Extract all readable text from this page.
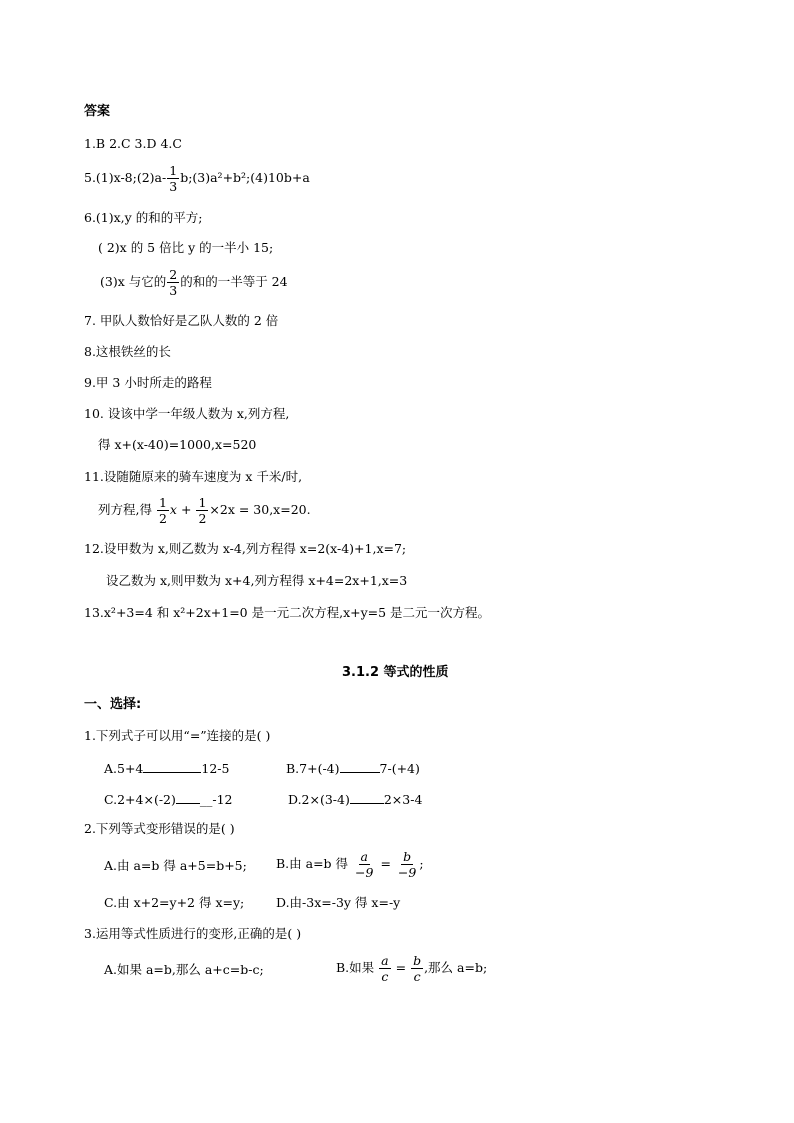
答案
1.B 2.C 3.D 4.C
5.(1)x-8;(2)a- $\frac{1}{3}$ b;(3)a²+b²;(4)10b+a
6.(1)x,y 的和的平方;
( 2)x 的 5 倍比 y 的一半小 15;
(3)x 与它的 $\frac{2}{3}$ 的和的一半等于 24
7. 甲队人数恰好是乙队人数的 2 倍
8.这根铁丝的长
9.甲 3 小时所走的路程
10. 设该中学一年级人数为 x,列方程,
得 x+(x-40)=1000,x=520
11.设随随原来的骑车速度为 x 千米/时,
列方程,得 $\frac{1}{2}$ $x + \frac{1}{2} \times 2x = 30,x=20$.
12.设甲数为 x,则乙数为 x-4,列方程得 x=2(x-4)+1,x=7;
设乙数为 x,则甲数为 x+4,列方程得 x+4=2x+1,x=3
13.x²+3=4 和 x²+2x+1=0 是一元二次方程,x+y=5 是二元一次方程。
3.1.2 等式的性质
一、选择:
1.下列式子可以用“=”连接的是( )
A.5+4	12-5	B.7+(-4)	7-(+4)
C.2+4×(-2) __-12	D.2×(3-4)	2×3-4
2.下列等式变形错误的是( )
A.由 a=b 得 a+5=b+5; B.由 a=b 得 $\frac{a}{-9} = \frac{b}{-9}$ ;
C.由 x+2=y+2 得 x=y;	D.由-3x=-3y 得 x=-y
3.运用等式性质进行的变形,正确的是( )
A.如果 a=b,那么 a+c=b-c;	B.如果 $\frac{a}{c} = \frac{b}{c}$ ,那么 a=b;
